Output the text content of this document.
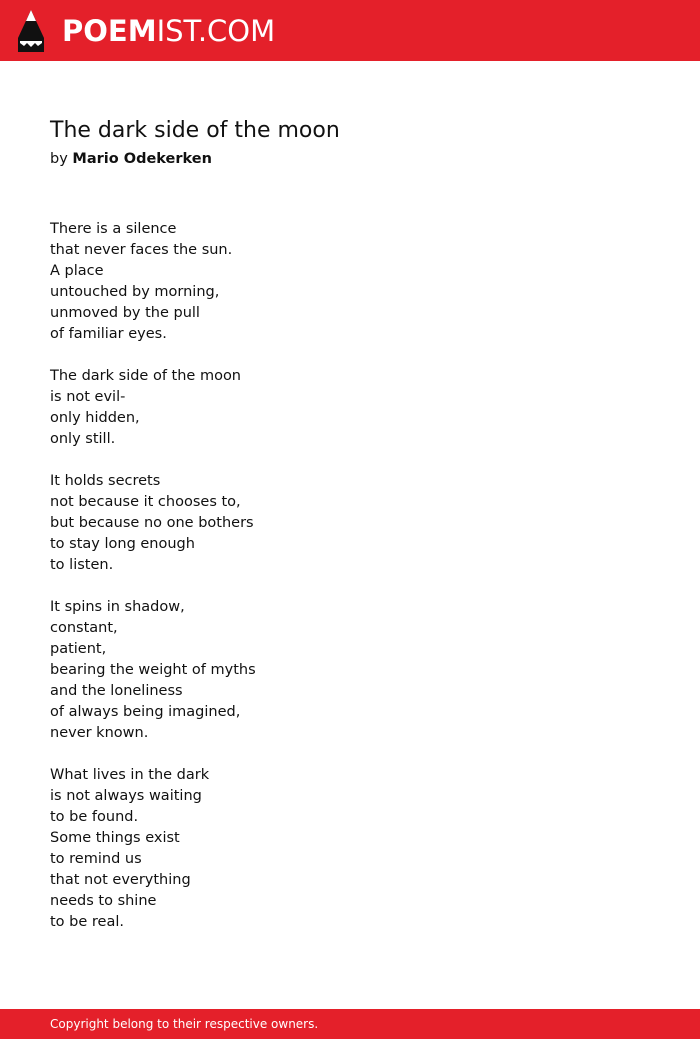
POEMIST.COM
The dark side of the moon
by Mario Odekerken
There is a silence
that never faces the sun.
A place
untouched by morning,
unmoved by the pull
of familiar eyes.
The dark side of the moon
is not evil-
only hidden,
only still.
It holds secrets
not because it chooses to,
but because no one bothers
to stay long enough
to listen.
It spins in shadow,
constant,
patient,
bearing the weight of myths
and the loneliness
of always being imagined,
never known.
What lives in the dark
is not always waiting
to be found.
Some things exist
to remind us
that not everything
needs to shine
to be real.
Copyright belong to their respective owners.
